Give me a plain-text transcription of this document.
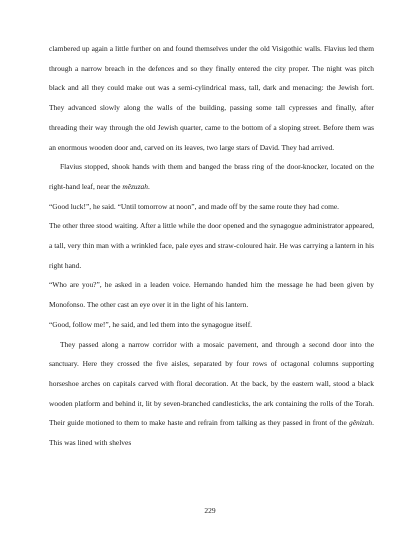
clambered up again a little further on and found themselves under the old Visigothic walls. Flavius led them through a narrow breach in the defences and so they finally entered the city proper. The night was pitch black and all they could make out was a semi-cylindrical mass, tall, dark and menacing: the Jewish fort. They advanced slowly along the walls of the building, passing some tall cypresses and finally, after threading their way through the old Jewish quarter, came to the bottom of a sloping street. Before them was an enormous wooden door and, carved on its leaves, two large stars of David. They had arrived.

Flavius stopped, shook hands with them and banged the brass ring of the door-knocker, located on the right-hand leaf, near the mĕzuzah.

“Good luck!”, he said. “Until tomorrow at noon”, and made off by the same route they had come.

The other three stood waiting. After a little while the door opened and the synagogue administrator appeared, a tall, very thin man with a wrinkled face, pale eyes and straw-coloured hair. He was carrying a lantern in his right hand.

“Who are you?”, he asked in a leaden voice. Hernando handed him the message he had been given by Monofonso. The other cast an eye over it in the light of his lantern.

“Good, follow me!”, he said, and led them into the synagogue itself.

They passed along a narrow corridor with a mosaic pavement, and through a second door into the sanctuary. Here they crossed the five aisles, separated by four rows of octagonal columns supporting horseshoe arches on capitals carved with floral decoration. At the back, by the eastern wall, stood a black wooden platform and behind it, lit by seven-branched candlesticks, the ark containing the rolls of the Torah. Their guide motioned to them to make haste and refrain from talking as they passed in front of the gĕnizah. This was lined with shelves

229
